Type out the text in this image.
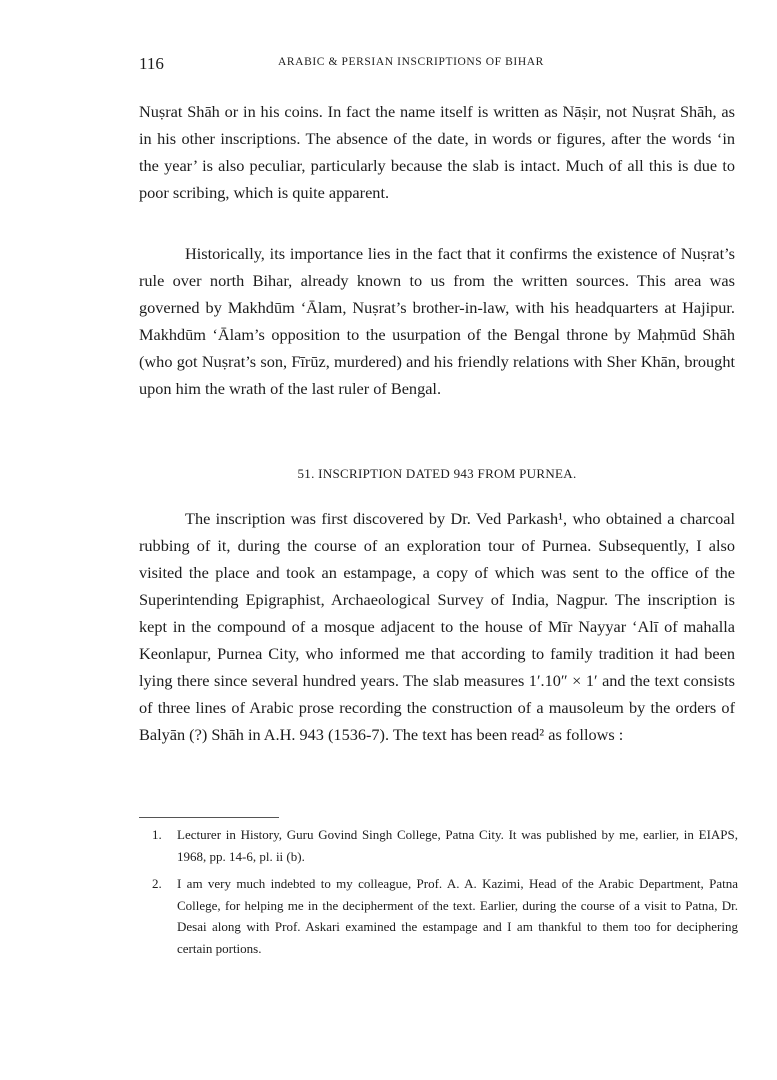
116	ARABIC & PERSIAN INSCRIPTIONS OF BIHAR

Nuṣrat Shāh or in his coins. In fact the name itself is written as Nāṣir, not Nuṣrat Shāh, as in his other inscriptions. The absence of the date, in words or figures, after the words ‘in the year’ is also peculiar, particularly because the slab is intact. Much of all this is due to poor scribing, which is quite apparent.

Historically, its importance lies in the fact that it confirms the existence of Nuṣrat’s rule over north Bihar, already known to us from the written sources. This area was governed by Makhdūm ‘Ālam, Nuṣrat’s brother-in-law, with his headquarters at Hajipur. Makhdūm ‘Ālam’s opposition to the usurpation of the Bengal throne by Maḥmūd Shāh (who got Nuṣrat’s son, Fīrūz, murdered) and his friendly relations with Sher Khān, brought upon him the wrath of the last ruler of Bengal.

51. INSCRIPTION DATED 943 FROM PURNEA.

The inscription was first discovered by Dr. Ved Parkash¹, who obtained a charcoal rubbing of it, during the course of an exploration tour of Purnea. Subsequently, I also visited the place and took an estampage, a copy of which was sent to the office of the Superintending Epigraphist, Archaeological Survey of India, Nagpur. The inscription is kept in the compound of a mosque adjacent to the house of Mīr Nayyar ‘Alī of mahalla Keonlapur, Purnea City, who informed me that according to family tradition it had been lying there since several hundred years. The slab measures 1′.10″ × 1′ and the text consists of three lines of Arabic prose recording the construction of a mausoleum by the orders of Balyān (?) Shāh in A.H. 943 (1536-7). The text has been read² as follows :

1.	Lecturer in History, Guru Govind Singh College, Patna City. It was published by me, earlier, in EIAPS, 1968, pp. 14-6, pl. ii (b).
2.	I am very much indebted to my colleague, Prof. A. A. Kazimi, Head of the Arabic Department, Patna College, for helping me in the decipherment of the text. Earlier, during the course of a visit to Patna, Dr. Desai along with Prof. Askari examined the estampage and I am thankful to them too for deciphering certain portions.
